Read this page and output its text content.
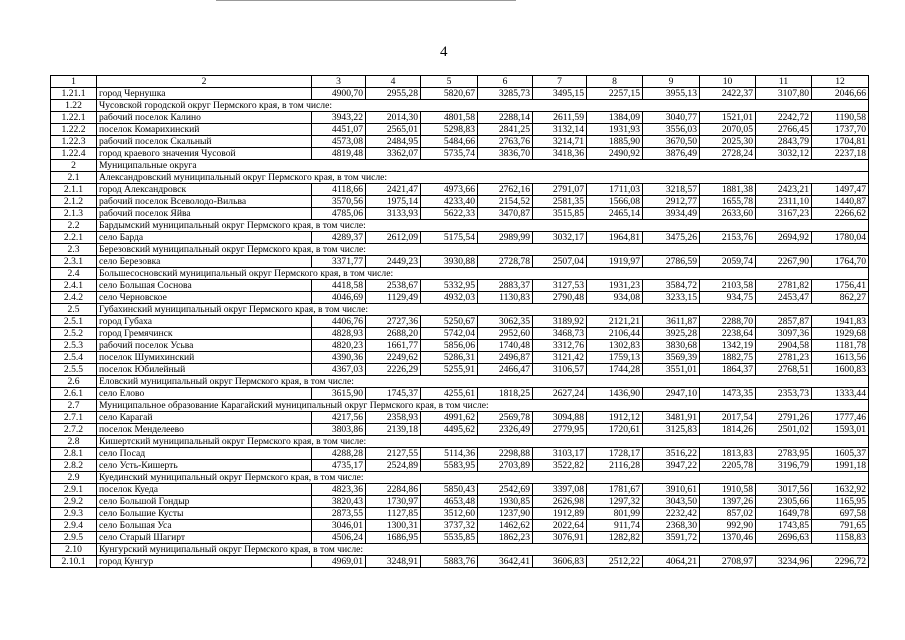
4
1	2	3	4	5	6	7	8	9	10	11	12
1.21.1	город Чернушка	4900,70	2955,28	5820,67	3285,73	3495,15	2257,15	3955,13	2422,37	3107,80	2046,66
1.22	Чусовской городской округ Пермского края, в том числе:										
1.22.1	рабочий поселок Калино	3943,22	2014,30	4801,58	2288,14	2611,59	1384,09	3040,77	1521,01	2242,72	1190,58
1.22.2	поселок Комарихинский	4451,07	2565,01	5298,83	2841,25	3132,14	1931,93	3556,03	2070,05	2766,45	1737,70
1.22.3	рабочий поселок Скальный	4573,08	2484,95	5484,66	2763,76	3214,71	1885,90	3670,50	2025,30	2843,79	1704,81
1.22.4	город краевого значения Чусовой	4819,48	3362,07	5735,74	3836,70	3418,36	2490,92	3876,49	2728,24	3032,12	2237,18
2	Муниципальные округа										
2.1	Александровский муниципальный округ Пермского края, в том числе:										
2.1.1	город Александровск	4118,66	2421,47	4973,66	2762,16	2791,07	1711,03	3218,57	1881,38	2423,21	1497,47
2.1.2	рабочий поселок Всеволодо-Вильва	3570,56	1975,14	4233,40	2154,52	2581,35	1566,08	2912,77	1655,78	2311,10	1440,87
2.1.3	рабочий поселок Яйва	4785,06	3133,93	5622,33	3470,87	3515,85	2465,14	3934,49	2633,60	3167,23	2266,62
2.2	Бардымский муниципальный округ Пермского края, в том числе:										
2.2.1	село Барда	4289,37	2612,09	5175,54	2989,99	3032,17	1964,81	3475,26	2153,76	2694,92	1780,04
2.3	Березовский муниципальный округ Пермского края, в том числе:										
2.3.1	село Березовка	3371,77	2449,23	3930,88	2728,78	2507,04	1919,97	2786,59	2059,74	2267,90	1764,70
2.4	Большесосновский муниципальный округ Пермского края, в том числе:										
2.4.1	село Большая Соснова	4418,58	2538,67	5332,95	2883,37	3127,53	1931,23	3584,72	2103,58	2781,82	1756,41
2.4.2	село Черновское	4046,69	1129,49	4932,03	1130,83	2790,48	934,08	3233,15	934,75	2453,47	862,27
2.5	Губахинский муниципальный округ Пермского края, в том числе:										
2.5.1	город Губаха	4406,76	2727,36	5250,67	3062,35	3189,92	2121,21	3611,87	2288,70	2857,87	1941,83
2.5.2	город Гремячинск	4828,93	2688,20	5742,04	2952,60	3468,73	2106,44	3925,28	2238,64	3097,36	1929,68
2.5.3	рабочий поселок Усьва	4820,23	1661,77	5856,06	1740,48	3312,76	1302,83	3830,68	1342,19	2904,58	1181,78
2.5.4	поселок Шумихинский	4390,36	2249,62	5286,31	2496,87	3121,42	1759,13	3569,39	1882,75	2781,23	1613,56
2.5.5	поселок Юбилейный	4367,03	2226,29	5255,91	2466,47	3106,57	1744,28	3551,01	1864,37	2768,51	1600,83
2.6	Еловский муниципальный округ Пермского края, в том числе:										
2.6.1	село Елово	3615,90	1745,37	4255,61	1818,25	2627,24	1436,90	2947,10	1473,35	2353,73	1333,44
2.7	Муниципальное образование Карагайский муниципальный округ Пермского края, в том числе:										
2.7.1	село Карагай	4217,56	2358,93	4991,62	2569,78	3094,88	1912,12	3481,91	2017,54	2791,26	1777,46
2.7.2	поселок Менделеево	3803,86	2139,18	4495,62	2326,49	2779,95	1720,61	3125,83	1814,26	2501,02	1593,01
2.8	Кишертский муниципальный округ Пермского края, в том числе:										
2.8.1	село Посад	4288,28	2127,55	5114,36	2298,88	3103,17	1728,17	3516,22	1813,83	2783,95	1605,37
2.8.2	село Усть-Кишерть	4735,17	2524,89	5583,95	2703,89	3522,82	2116,28	3947,22	2205,78	3196,79	1991,18
2.9	Куединский муниципальный округ Пермского края, в том числе:										
2.9.1	поселок Куеда	4823,36	2284,86	5850,43	2542,69	3397,08	1781,67	3910,61	1910,58	3017,56	1632,92
2.9.2	село Большой Гондыр	3820,43	1730,97	4653,48	1930,85	2626,98	1297,32	3043,50	1397,26	2305,66	1165,95
2.9.3	село Большие Кусты	2873,55	1127,85	3512,60	1237,90	1912,89	801,99	2232,42	857,02	1649,78	697,58
2.9.4	село Большая Уса	3046,01	1300,31	3737,32	1462,62	2022,64	911,74	2368,30	992,90	1743,85	791,65
2.9.5	село Старый Шагирт	4506,24	1686,95	5535,85	1862,23	3076,91	1282,82	3591,72	1370,46	2696,63	1158,83
2.10	Кунгурский муниципальный округ Пермского края, в том числе:										
2.10.1	город Кунгур	4969,01	3248,91	5883,76	3642,41	3606,83	2512,22	4064,21	2708,97	3234,96	2296,72
